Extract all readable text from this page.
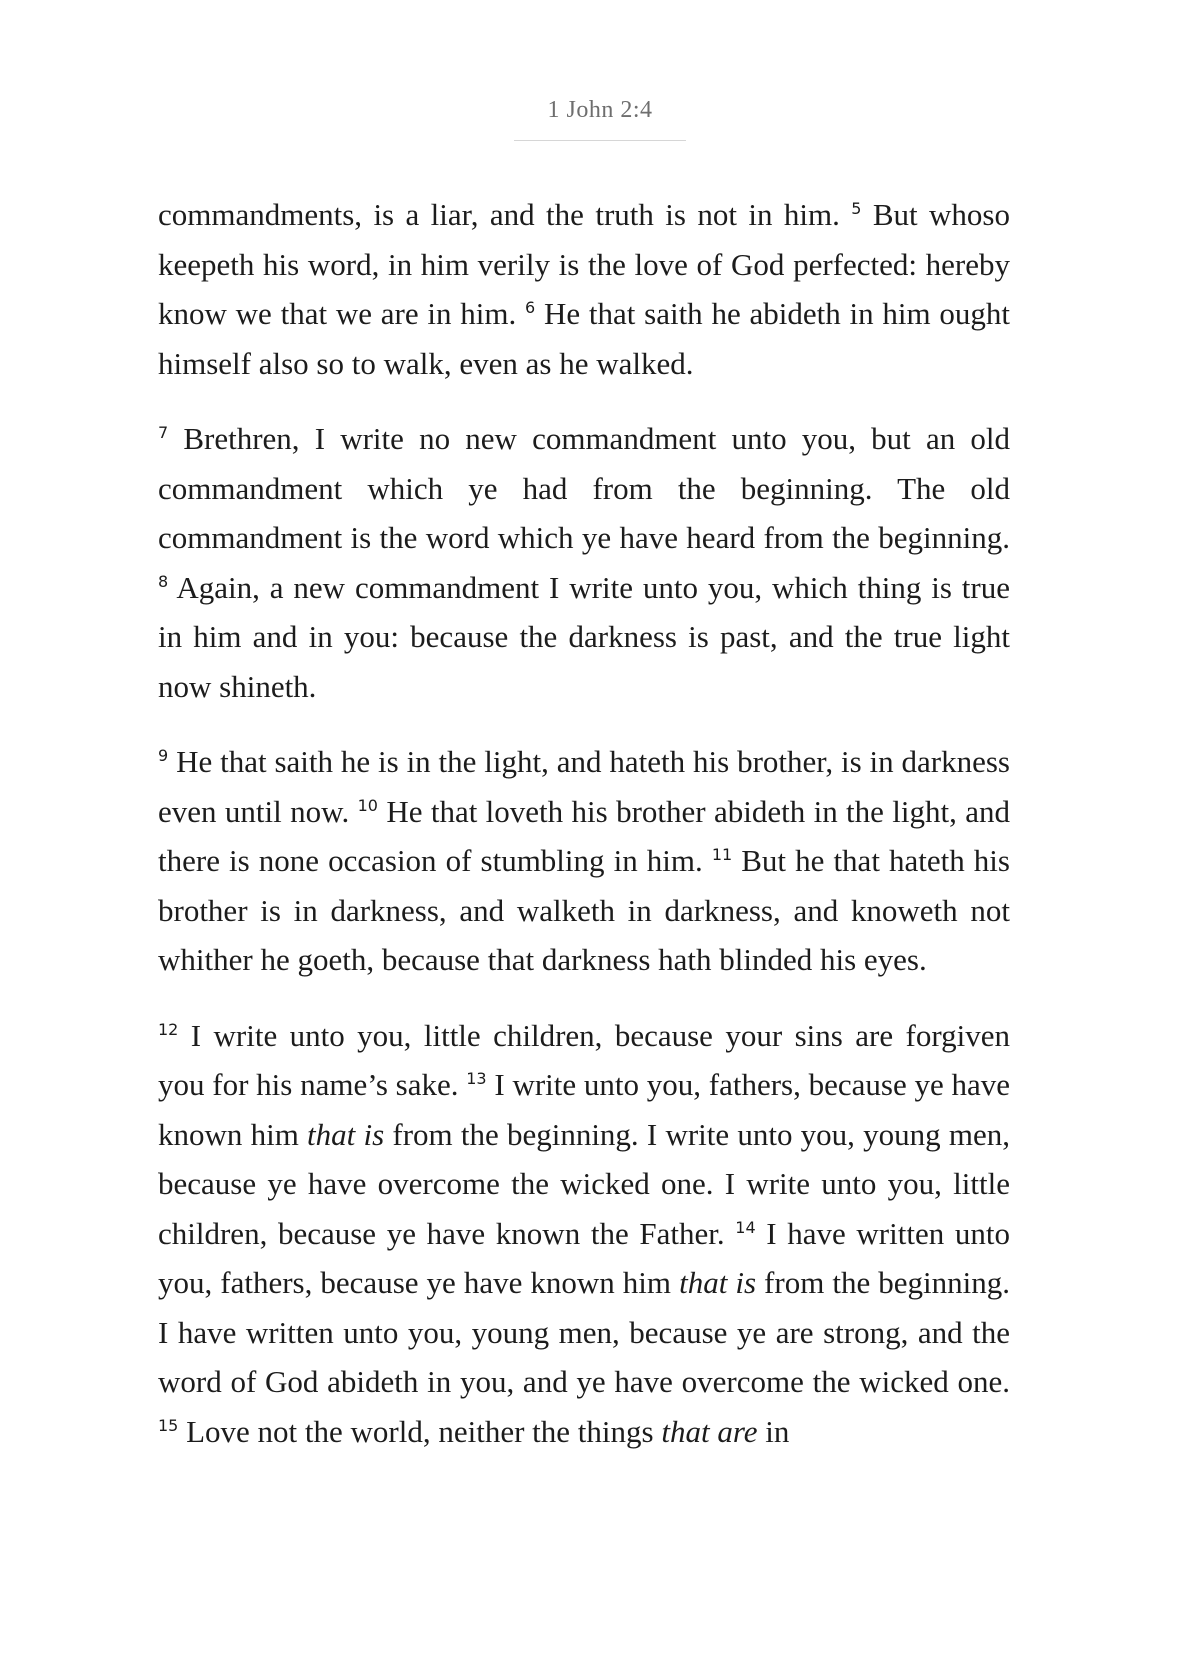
1 John 2:4

commandments, is a liar, and the truth is not in him. $^5$ But whoso keepeth his word, in him verily is the love of God perfected: hereby know we that we are in him. $^6$ He that saith he abideth in him ought himself also so to walk, even as he walked.

$^7$ Brethren, I write no new commandment unto you, but an old commandment which ye had from the beginning. The old commandment is the word which ye have heard from the beginning. $^8$ Again, a new commandment I write unto you, which thing is true in him and in you: because the darkness is past, and the true light now shineth.

$^9$ He that saith he is in the light, and hateth his brother, is in darkness even until now. $^{10}$ He that loveth his brother abideth in the light, and there is none occasion of stumbling in him. $^{11}$ But he that hateth his brother is in darkness, and walketh in darkness, and knoweth not whither he goeth, because that darkness hath blinded his eyes.

$^{12}$ I write unto you, little children, because your sins are forgiven you for his name’s sake. $^{13}$ I write unto you, fathers, because ye have known him that is from the beginning. I write unto you, young men, because ye have overcome the wicked one. I write unto you, little children, because ye have known the Father. $^{14}$ I have written unto you, fathers, because ye have known him that is from the beginning. I have written unto you, young men, because ye are strong, and the word of God abideth in you, and ye have overcome the wicked one. $^{15}$ Love not the world, neither the things that are in
